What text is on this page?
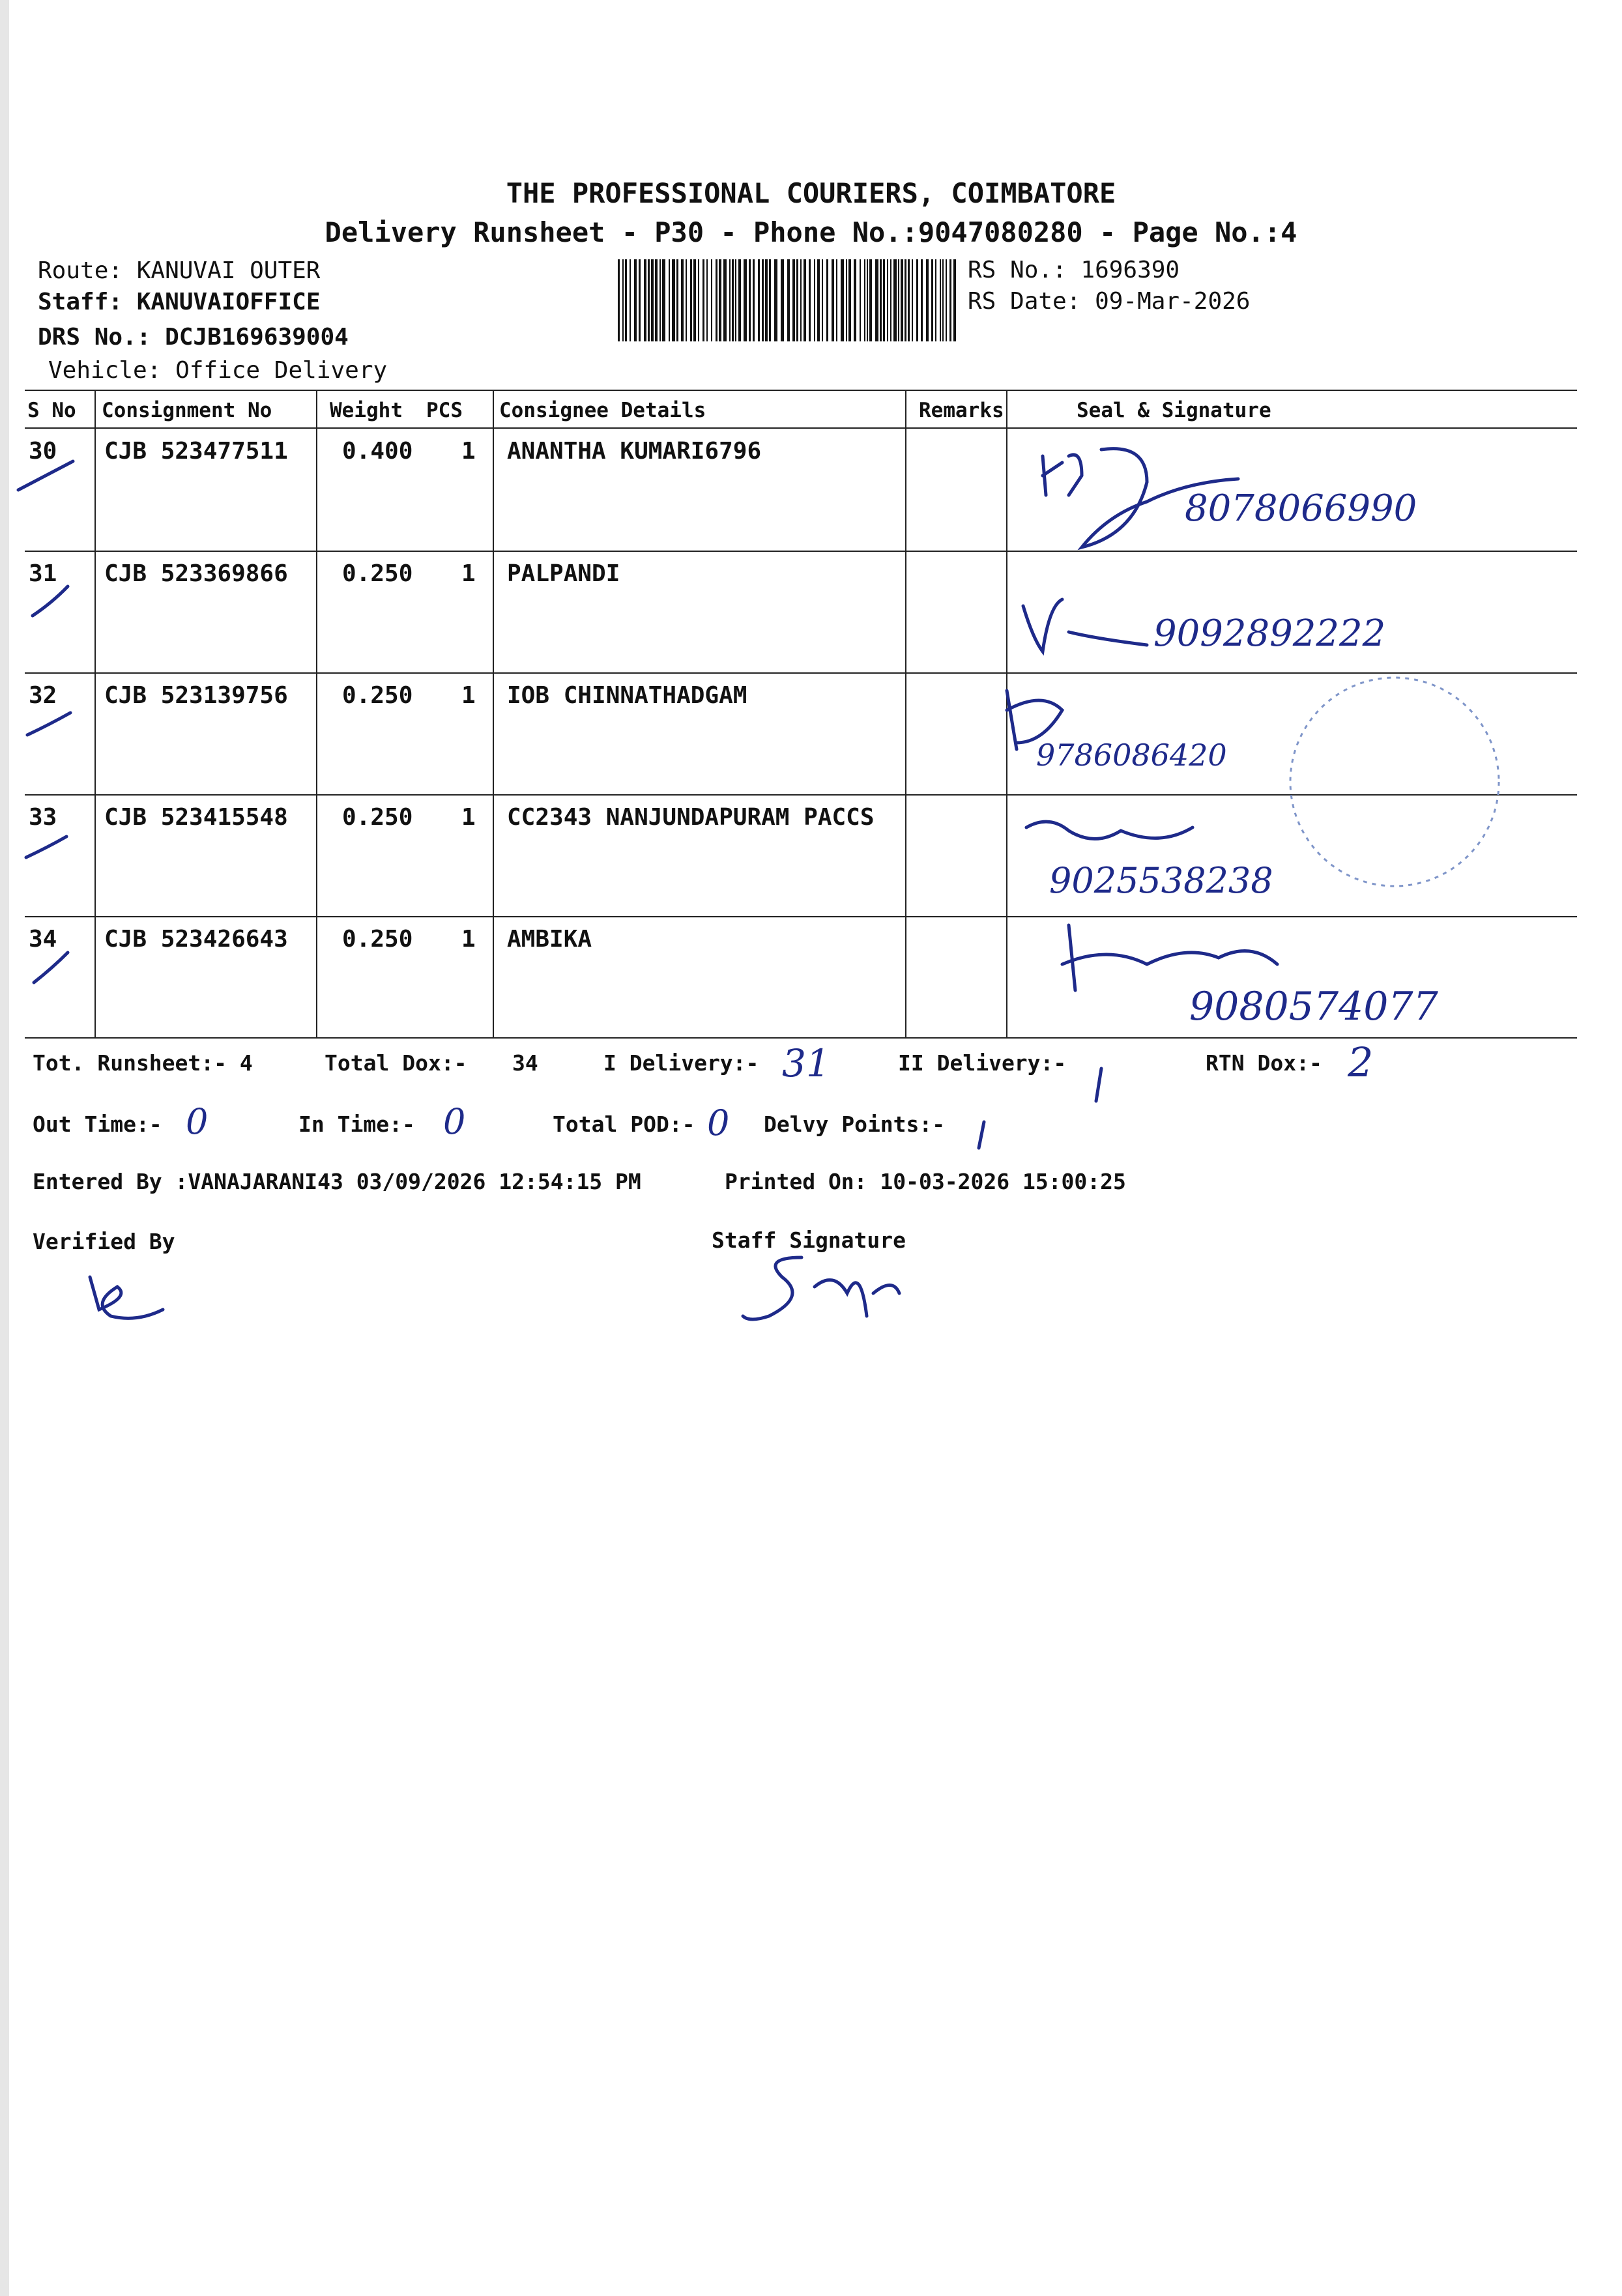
THE PROFESSIONAL COURIERS, COIMBATORE
Delivery Runsheet - P30 - Phone No.:9047080280 - Page No.:4
Route: KANUVAI OUTER
Staff: KANUVAIOFFICE
DRS No.: DCJB169639004
Vehicle: Office Delivery
RS No.: 1696390
RS Date: 09-Mar-2026
S No Consignment No	Weight PCS Consignee Details	Remarks	Seal & Signature
30 CJB 523477511 0.400 1 ANANTHA KUMARI6796
8078066990
31 CJB 523369866 0.250 1 PALPANDI
9092892222
32 CJB 523139756 0.250 1 IOB CHINNATHADGAM
9786086420
33 CJB 523415548 0.250 1 CC2343 NANJUNDAPURAM PACCS
9025538238
34 CJB 523426643 0.250 1 AMBIKA
9080574077
Tot. Runsheet:- 4	Total Dox:- 34	I Delivery:- 31	II Delivery:-	RTN Dox:- 2
Out Time:- 0	In Time:- 0	Total POD:- 0 Delvy Points:-
Entered By :VANAJARANI43 03/09/2026 12:54:15 PM	Printed On: 10-03-2026 15:00:25
Verified By	Staff Signature
